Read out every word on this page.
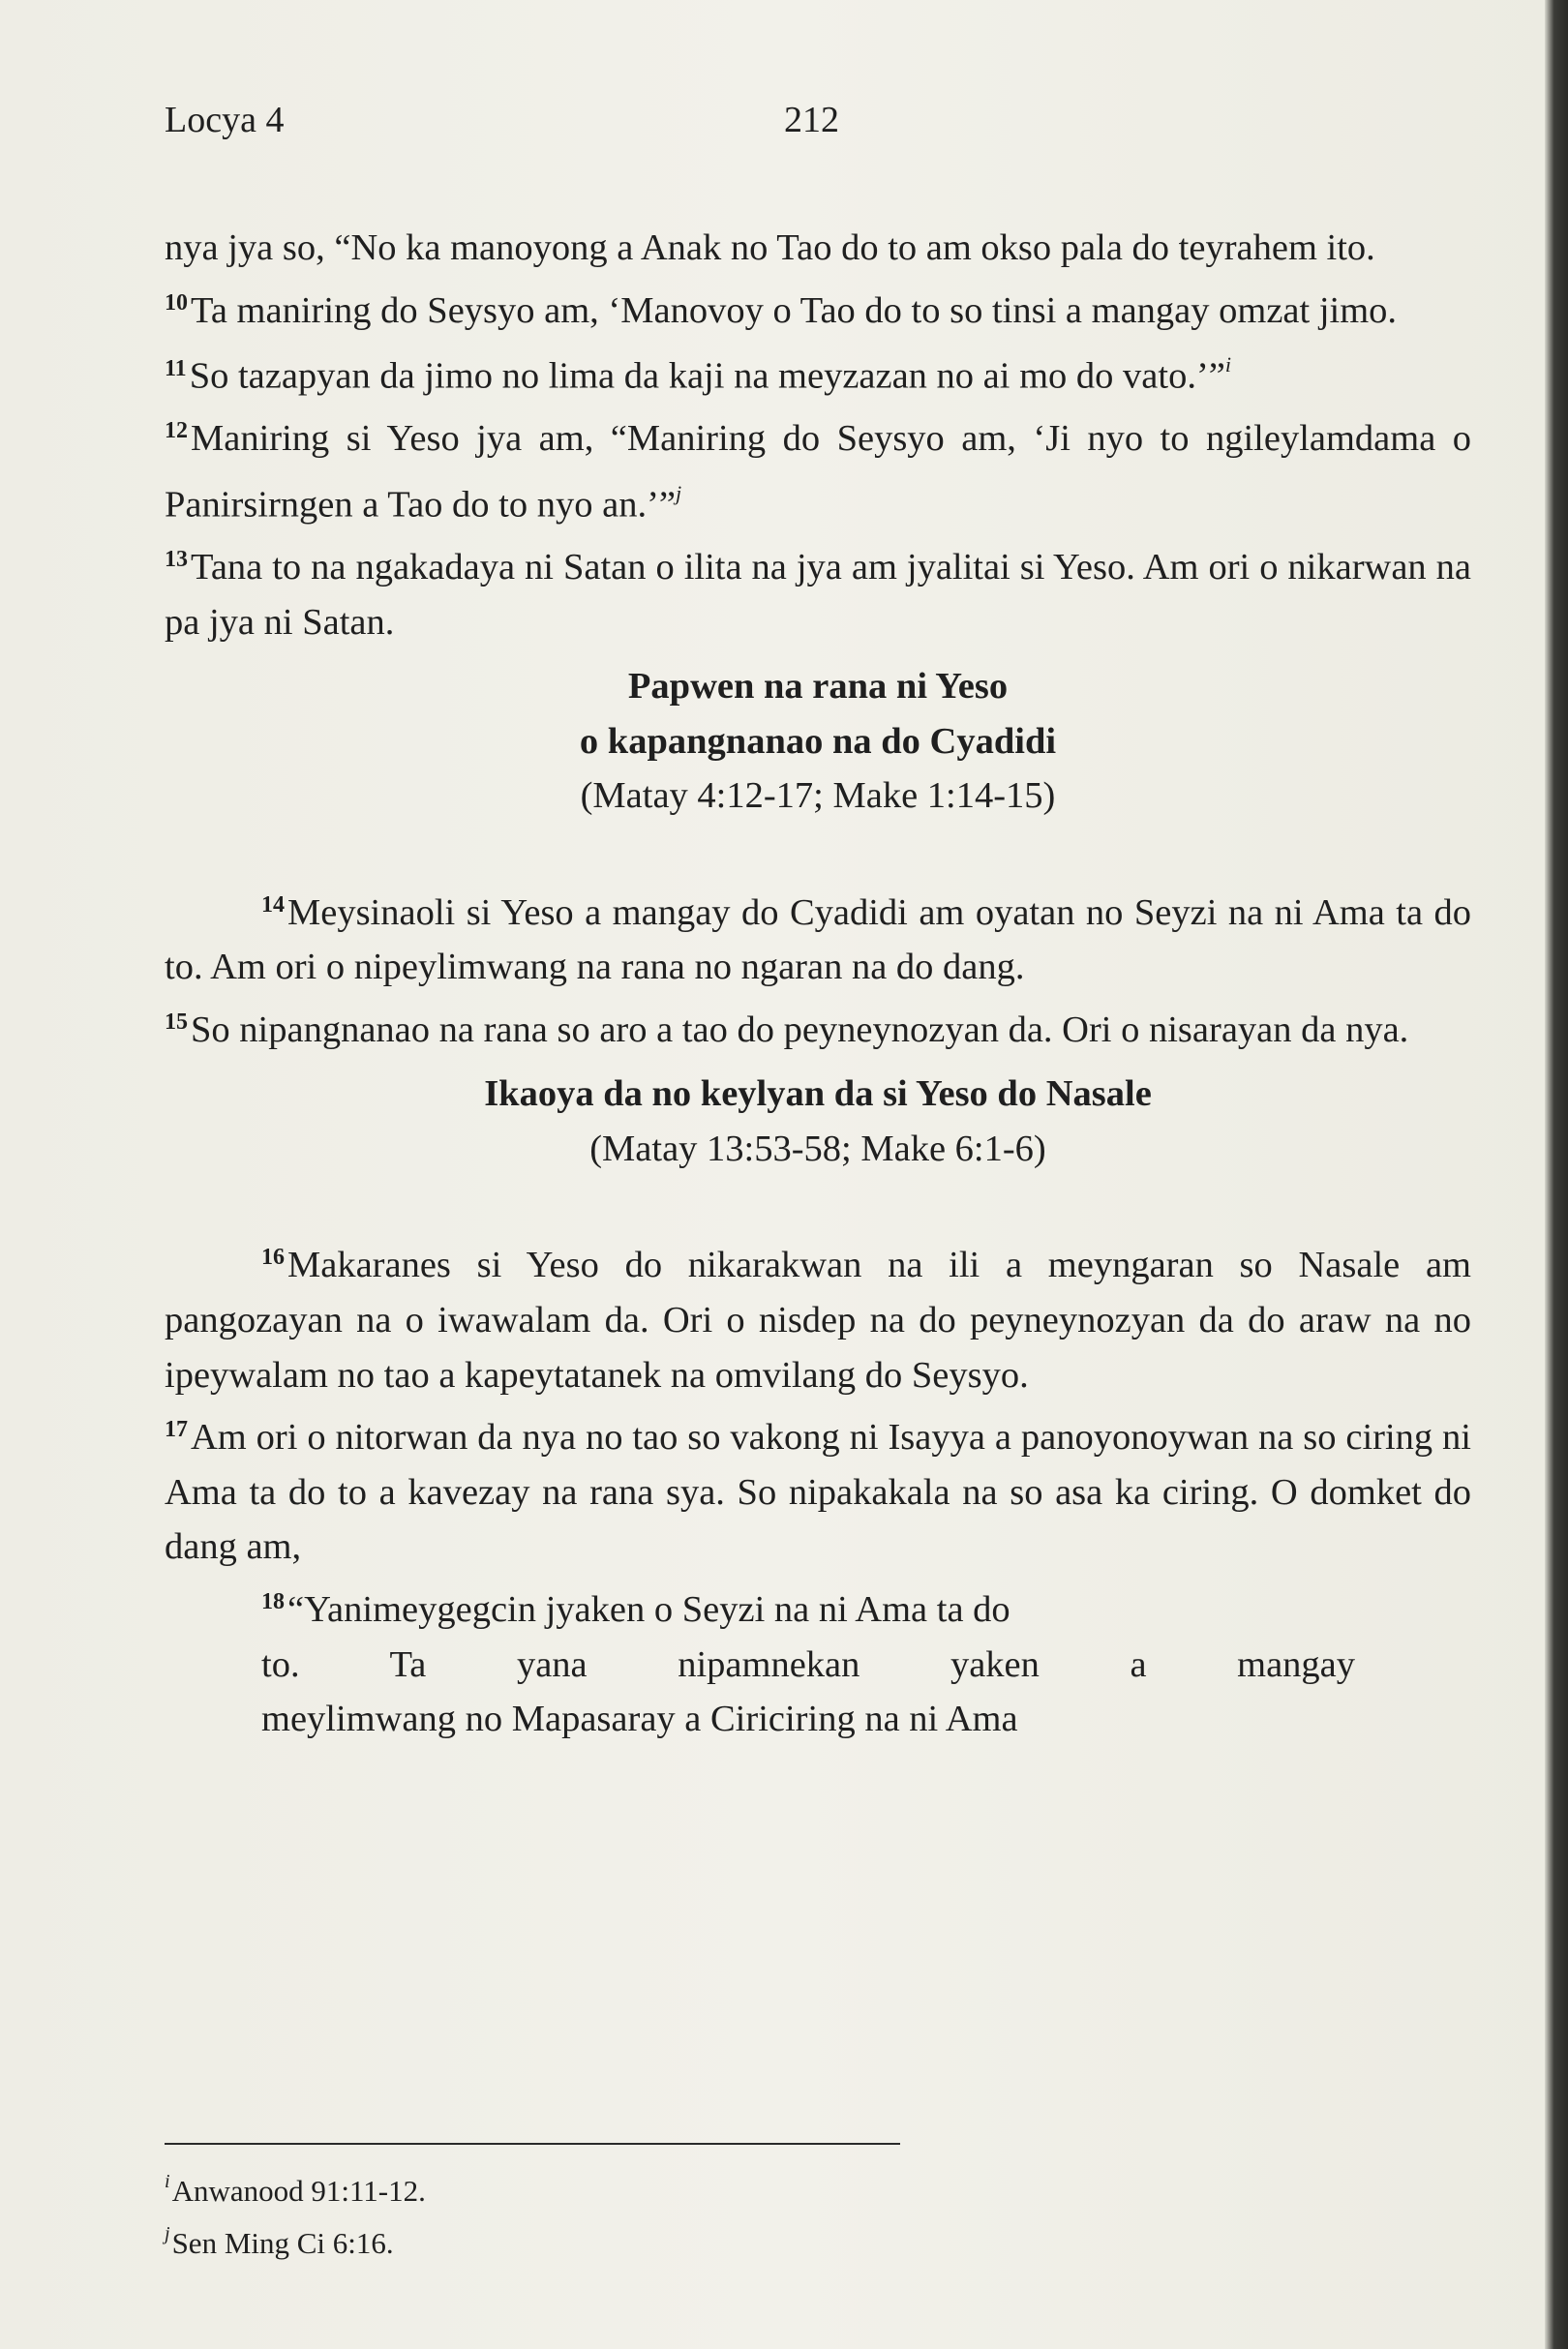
Locya 4	212

nya jya so, “No ka manoyong a Anak no Tao do to am okso pala do teyrahem ito.

$^{10}$Ta maniring do Seysyo am, ‘Manovoy o Tao do to so tinsi a mangay omzat jimo.

$^{11}$So tazapyan da jimo no lima da kaji na meyzazan no ai mo do vato.’”$^i$

$^{12}$Maniring si Yeso jya am, “Maniring do Seysyo am, ‘Ji nyo to ngileylamdama o Panirsirngen a Tao do to nyo an.’”$^j$

$^{13}$Tana to na ngakadaya ni Satan o ilita na jya am jyalitai si Yeso. Am ori o nikarwan na pa jya ni Satan.

Papwen na rana ni Yeso

o kapangnanao na do Cyadidi

(Matay 4:12-17; Make 1:14-15)

$^{14}$Meysinaoli si Yeso a mangay do Cyadidi am oyatan no Seyzi na ni Ama ta do to. Am ori o nipeylimwang na rana no ngaran na do dang.

$^{15}$So nipangnanao na rana so aro a tao do peyneynozyan da. Ori o nisarayan da nya.

Ikaoya da no keylyan da si Yeso do Nasale

(Matay 13:53-58; Make 6:1-6)

$^{16}$Makaranes si Yeso do nikarakwan na ili a meyngaran so Nasale am pangozayan na o iwawalam da. Ori o nisdep na do peyneynozyan da do araw na no ipeywalam no tao a kapeytatanek na omvilang do Seysyo.

$^{17}$Am ori o nitorwan da nya no tao so vakong ni Isayya a panoyonoywan na so ciring ni Ama ta do to a kavezay na rana sya. So nipakakala na so asa ka ciring. O domket do dang am,

$^{18}$“Yanimeygegcin jyaken o Seyzi na ni Ama ta do
to. Ta yana nipamnekan yaken a mangay
meylimwang no Mapasaray a Ciriciring na ni Ama
$^i$Anwanood 91:11-12.
$^j$Sen Ming Ci 6:16.
